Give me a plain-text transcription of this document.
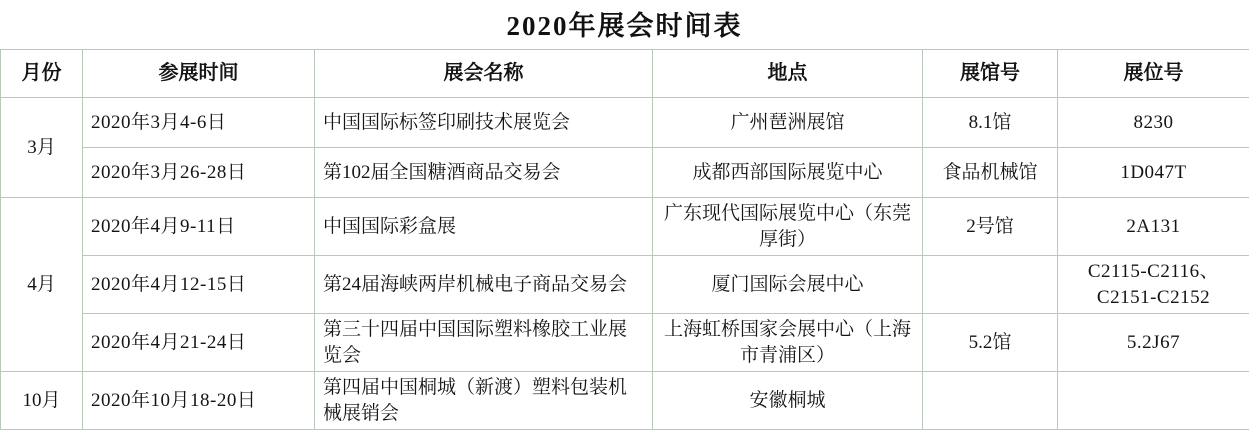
2020年展会时间表
月份	参展时间	展会名称	地点	展馆号	展位号
3月	2020年3月4-6日	中国国际标签印刷技术展览会	广州琶洲展馆	8.1馆	8230
	2020年3月26-28日	第102届全国糖酒商品交易会	成都西部国际展览中心	食品机械馆	1D047T
4月	2020年4月9-11日	中国国际彩盒展	广东现代国际展览中心（东莞厚街）	2号馆	2A131
	2020年4月12-15日	第24届海峡两岸机械电子商品交易会	厦门国际会展中心		C2115-C2116、C2151-C2152
	2020年4月21-24日	第三十四届中国国际塑料橡胶工业展览会	上海虹桥国家会展中心（上海市青浦区）	5.2馆	5.2J67
10月	2020年10月18-20日	第四届中国桐城（新渡）塑料包装机械展销会	安徽桐城		
